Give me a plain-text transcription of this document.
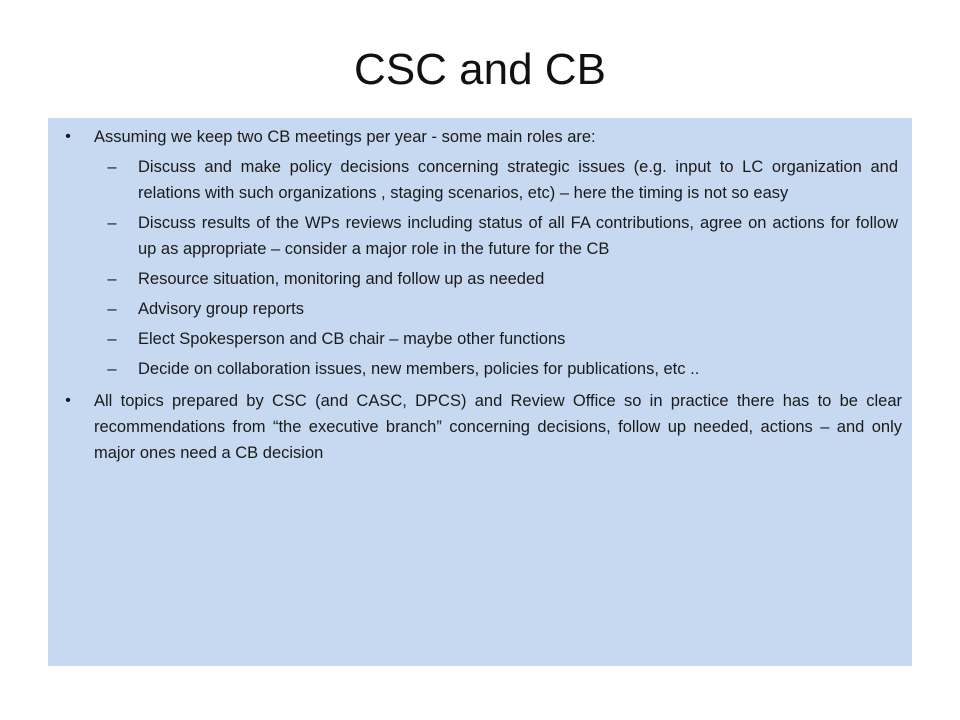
CSC and CB
•	Assuming we keep two CB meetings per year - some main roles are:
–	Discuss and make policy decisions concerning strategic issues (e.g. input to LC organization and relations with such organizations , staging scenarios, etc) – here the timing is not so easy
–	Discuss results of the WPs reviews including status of all FA contributions, agree on actions for follow up as appropriate – consider a major role in the future for the CB
–	Resource situation, monitoring and follow up as needed
–	Advisory group reports
–	Elect Spokesperson and CB chair – maybe other functions
–	Decide on collaboration issues, new members, policies for publications, etc ..
•	All topics prepared by CSC (and CASC, DPCS) and Review Office so in practice there has to be clear recommendations from “the executive branch” concerning decisions, follow up needed, actions – and only major ones need a CB decision
